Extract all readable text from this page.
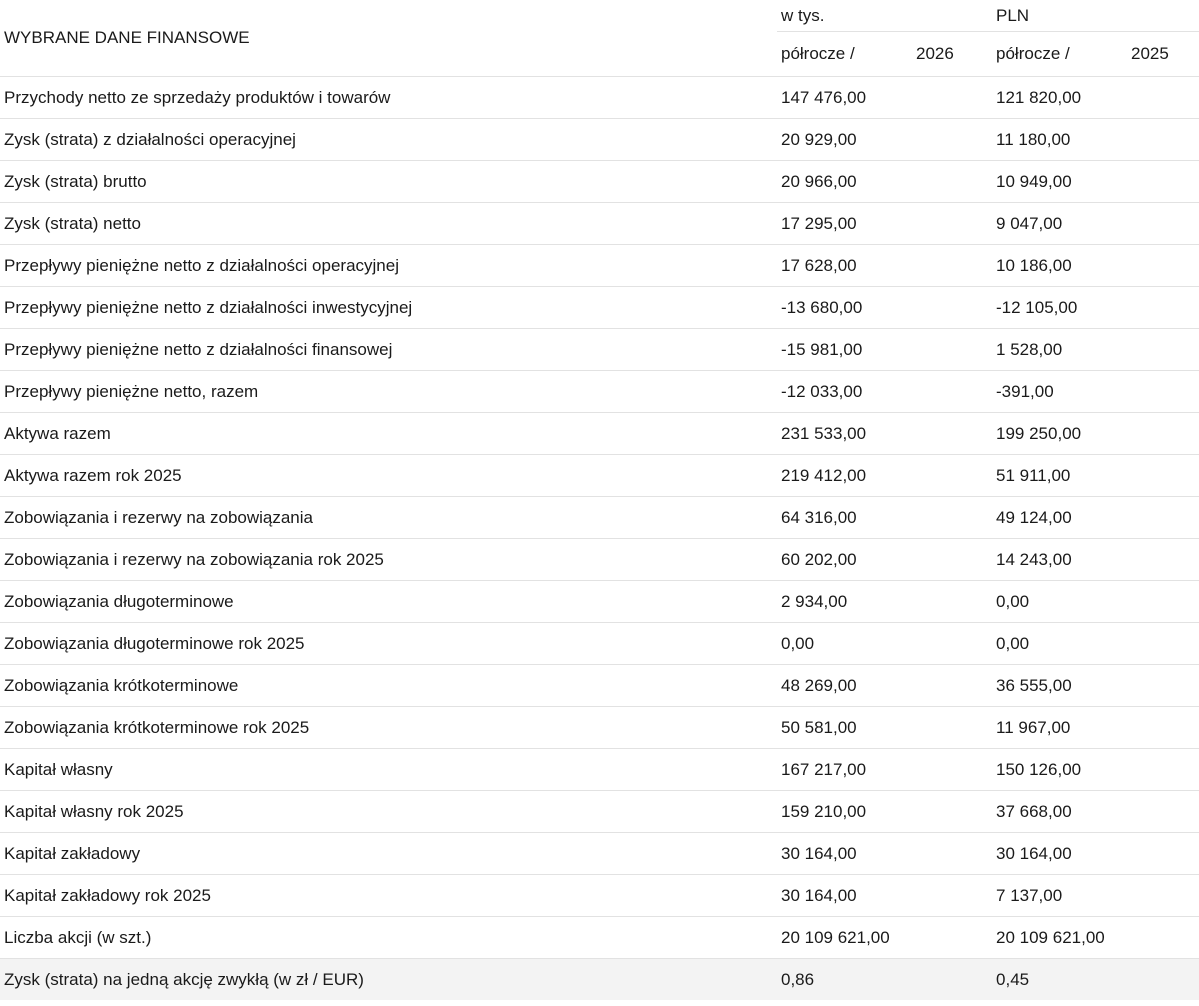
WYBRANE DANE FINANSOWE	w tys.		PLN	
	półrocze /	2026	półrocze /	2025
Przychody netto ze sprzedaży produktów i towarów	147 476,00		121 820,00	
Zysk (strata) z działalności operacyjnej	20 929,00		11 180,00	
Zysk (strata) brutto	20 966,00		10 949,00	
Zysk (strata) netto	17 295,00		9 047,00	
Przepływy pieniężne netto z działalności operacyjnej	17 628,00		10 186,00	
Przepływy pieniężne netto z działalności inwestycyjnej	-13 680,00		-12 105,00	
Przepływy pieniężne netto z działalności finansowej	-15 981,00		1 528,00	
Przepływy pieniężne netto, razem	-12 033,00		-391,00	
Aktywa razem	231 533,00		199 250,00	
Aktywa razem rok 2025	219 412,00		51 911,00	
Zobowiązania i rezerwy na zobowiązania	64 316,00		49 124,00	
Zobowiązania i rezerwy na zobowiązania rok 2025	60 202,00		14 243,00	
Zobowiązania długoterminowe	2 934,00		0,00	
Zobowiązania długoterminowe rok 2025	0,00		0,00	
Zobowiązania krótkoterminowe	48 269,00		36 555,00	
Zobowiązania krótkoterminowe rok 2025	50 581,00		11 967,00	
Kapitał własny	167 217,00		150 126,00	
Kapitał własny rok 2025	159 210,00		37 668,00	
Kapitał zakładowy	30 164,00		30 164,00	
Kapitał zakładowy rok 2025	30 164,00		7 137,00	
Liczba akcji (w szt.)	20 109 621,00		20 109 621,00	
Zysk (strata) na jedną akcję zwykłą (w zł / EUR)	0,86		0,45	
